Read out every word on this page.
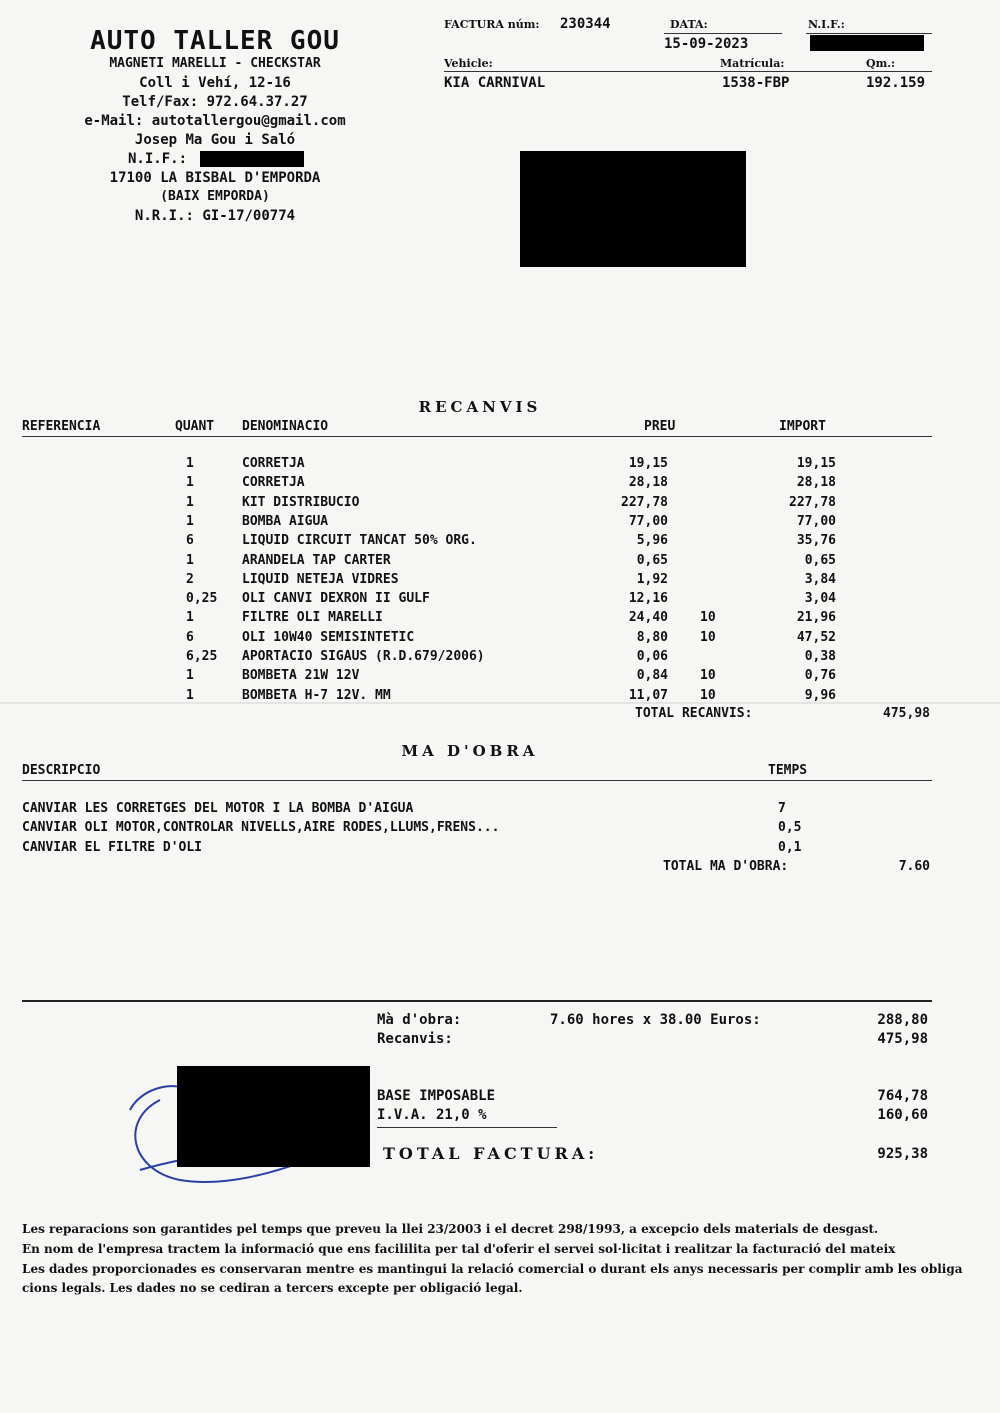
AUTO TALLER GOU
MAGNETI MARELLI - CHECKSTAR
Coll i Vehí, 12-16
Telf/Fax: 972.64.37.27
e-Mail: autotallergou@gmail.com
Josep Ma Gou i Saló
N.I.F.:
17100 LA BISBAL D'EMPORDA
(BAIX EMPORDA)
N.R.I.: GI-17/00774
FACTURA núm: 230344	DATA:
15-09-2023
N.I.F.:
Vehicle:	Matrícula:	Qm.:
KIA CARNIVAL	1538-FBP	192.159
RECANVIS
REFERENCIA	QUANT DENOMINACIO	PREU	IMPORT
1	CORRETJA	19,15	19,15
1	CORRETJA	28,18	28,18
1	KIT DISTRIBUCIO	227,78	227,78
1	BOMBA AIGUA	77,00	77,00
6	LIQUID CIRCUIT TANCAT 50% ORG.	5,96	35,76
1	ARANDELA TAP CARTER	0,65	0,65
2	LIQUID NETEJA VIDRES	1,92	3,84
0,25 OLI CANVI DEXRON II GULF	12,16	3,04
1	FILTRE OLI MARELLI	24,40 10	21,96
6	OLI 10W40 SEMISINTETIC	8,80 10	47,52
6,25 APORTACIO SIGAUS (R.D.679/2006)	0,06	0,38
1	BOMBETA 21W 12V	0,84 10	0,76
1	BOMBETA H-7 12V. MM	11,07 10	9,96
TOTAL RECANVIS:	475,98
MA D'OBRA
DESCRIPCIO	TEMPS
CANVIAR LES CORRETGES DEL MOTOR I LA BOMBA D'AIGUA	7
CANVIAR OLI MOTOR,CONTROLAR NIVELLS,AIRE RODES,LLUMS,FRENS...	0,5
CANVIAR EL FILTRE D'OLI	0,1
TOTAL MA D'OBRA:	7.60
Mà d'obra:	7.60 hores x 38.00 Euros:	288,80
Recanvis:	475,98
BASE IMPOSABLE	764,78
I.V.A. 21,0 %	160,60
TOTAL FACTURA:	925,38
Les reparacions son garantides pel temps que preveu la llei 23/2003 i el decret 298/1993, a excepcio dels materials de desgast.
En nom de l'empresa tractem la informació que ens facililita per tal d'oferir el servei sol·licitat i realitzar la facturació del mateix
Les dades proporcionades es conservaran mentre es mantingui la relació comercial o durant els anys necessaris per complir amb les obliga
cions legals. Les dades no se cediran a tercers excepte per obligació legal.
